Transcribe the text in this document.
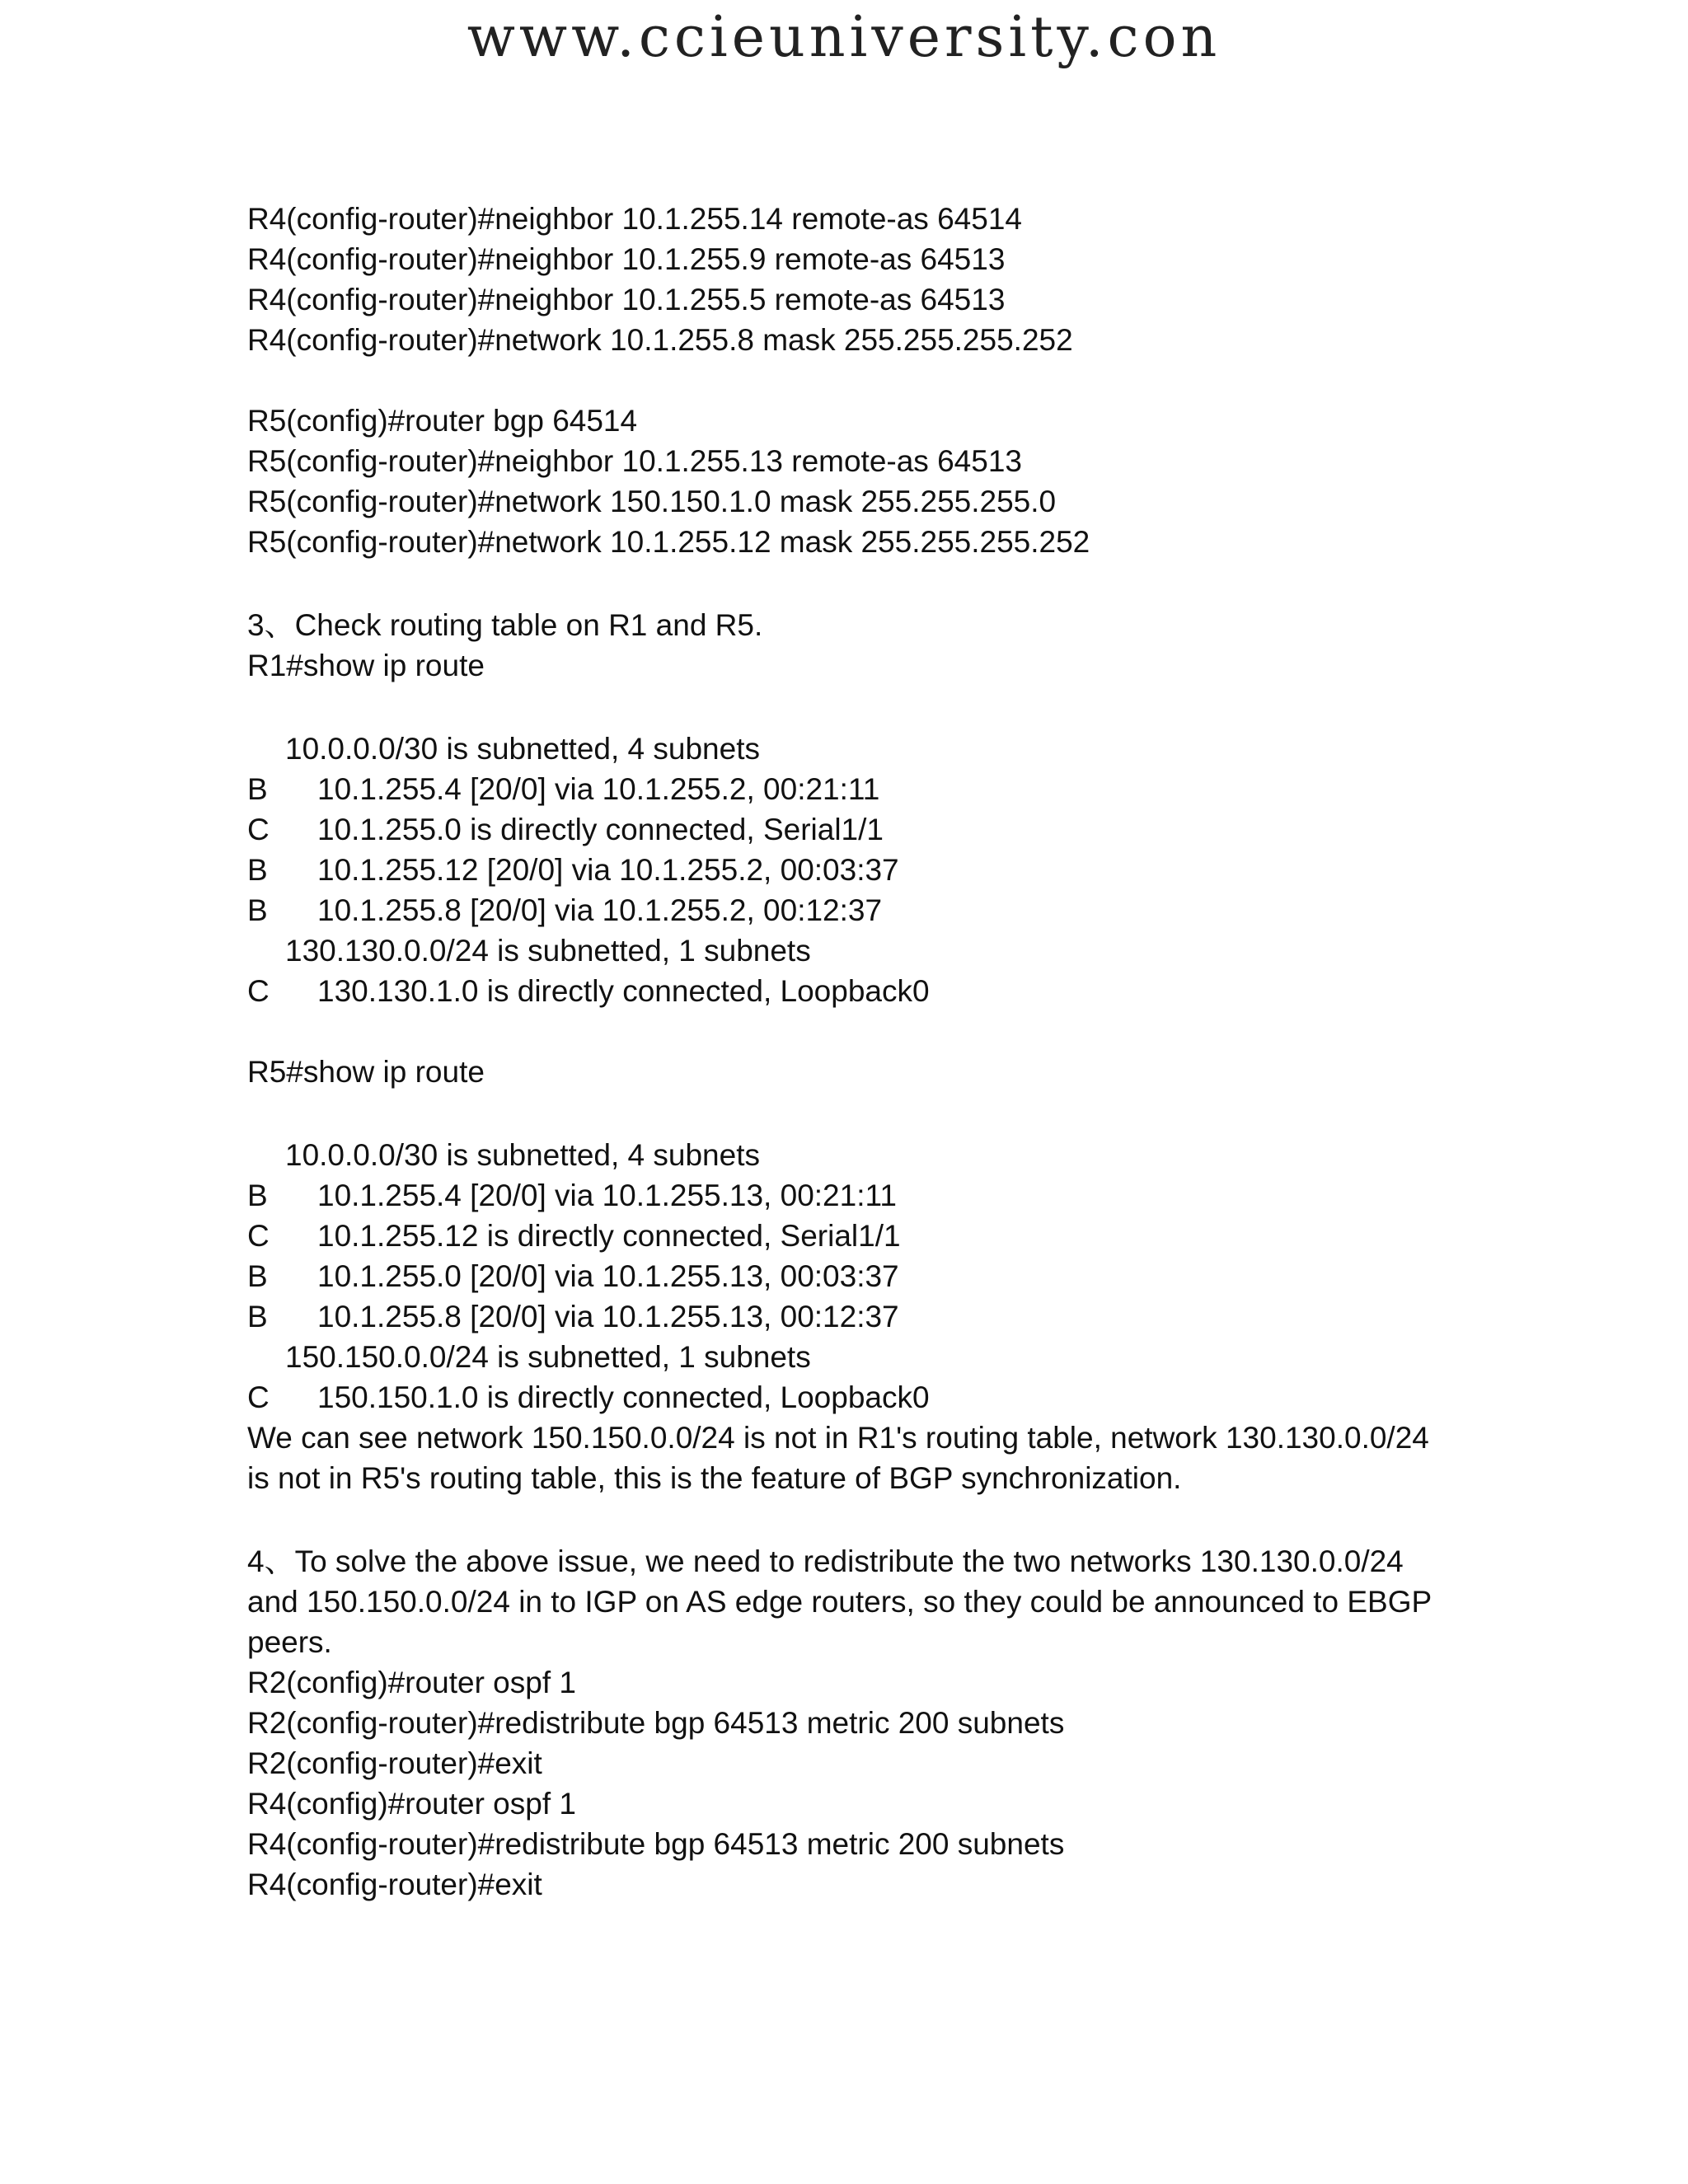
www.ccieuniversity.con
R4(config-router)#neighbor 10.1.255.14 remote-as 64514
R4(config-router)#neighbor 10.1.255.9 remote-as 64513
R4(config-router)#neighbor 10.1.255.5 remote-as 64513
R4(config-router)#network 10.1.255.8 mask 255.255.255.252
R5(config)#router bgp 64514
R5(config-router)#neighbor 10.1.255.13 remote-as 64513
R5(config-router)#network 150.150.1.0 mask 255.255.255.0
R5(config-router)#network 10.1.255.12 mask 255.255.255.252
3、Check routing table on R1 and R5.
R1#show ip route
10.0.0.0/30 is subnetted, 4 subnets
B	10.1.255.4 [20/0] via 10.1.255.2, 00:21:11
C	10.1.255.0 is directly connected, Serial1/1
B	10.1.255.12 [20/0] via 10.1.255.2, 00:03:37
B	10.1.255.8 [20/0] via 10.1.255.2, 00:12:37
130.130.0.0/24 is subnetted, 1 subnets
C	130.130.1.0 is directly connected, Loopback0
R5#show ip route
10.0.0.0/30 is subnetted, 4 subnets
B	10.1.255.4 [20/0] via 10.1.255.13, 00:21:11
C	10.1.255.12 is directly connected, Serial1/1
B	10.1.255.0 [20/0] via 10.1.255.13, 00:03:37
B	10.1.255.8 [20/0] via 10.1.255.13, 00:12:37
150.150.0.0/24 is subnetted, 1 subnets
C	150.150.1.0 is directly connected, Loopback0
We can see network 150.150.0.0/24 is not in R1's routing table, network 130.130.0.0/24
is not in R5's routing table, this is the feature of BGP synchronization.
4、To solve the above issue, we need to redistribute the two networks 130.130.0.0/24
and 150.150.0.0/24 in to IGP on AS edge routers, so they could be announced to EBGP
peers.
R2(config)#router ospf 1
R2(config-router)#redistribute bgp 64513 metric 200 subnets
R2(config-router)#exit
R4(config)#router ospf 1
R4(config-router)#redistribute bgp 64513 metric 200 subnets
R4(config-router)#exit
